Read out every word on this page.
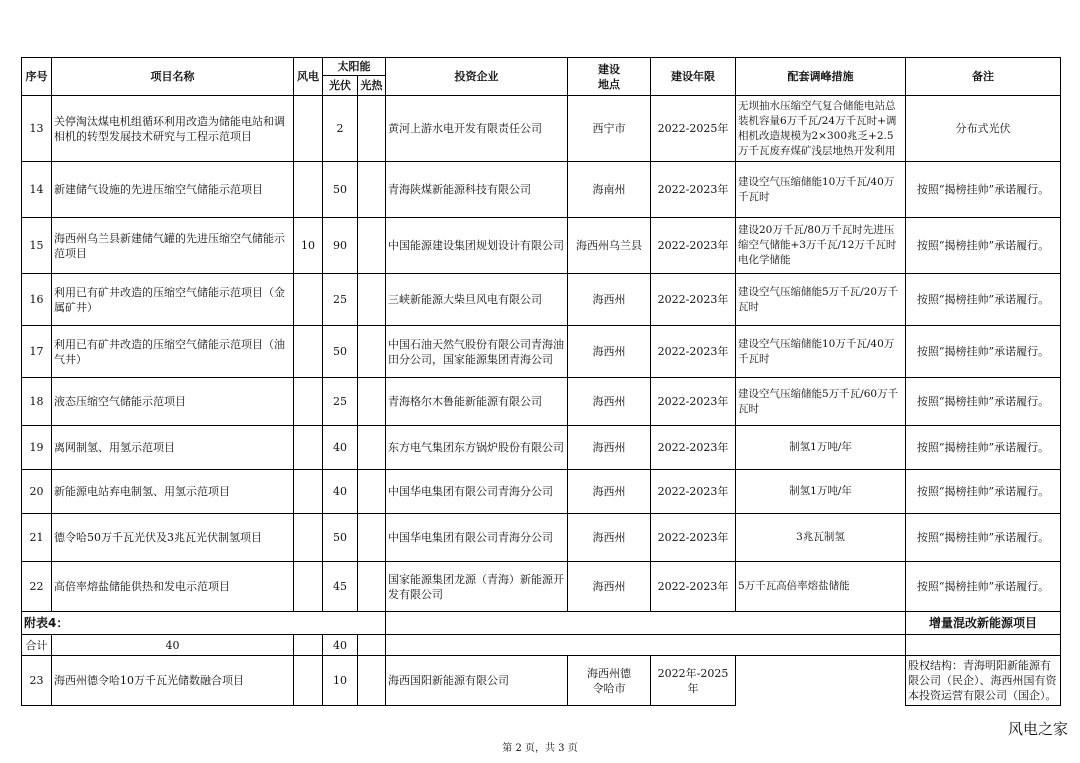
序号	项目名称	风电	太阳能		投资企业	建设地点	建设年限	配套调峰措施	备注
			光伏	光热					
13	关停淘汰煤电机组循环利用改造为储能电站和调相机的转型发展技术研究与工程示范项目		2		黄河上游水电开发有限责任公司	西宁市	2022-2025年	无坝抽水压缩空气复合储能电站总装机容量6万千瓦/24万千瓦时+调相机改造规模为2×300兆乏+2.5万千瓦废弃煤矿浅层地热开发利用	分布式光伏
14	新建储气设施的先进压缩空气储能示范项目		50		青海陕煤新能源科技有限公司	海南州	2022-2023年	建设空气压缩储能10万千瓦/40万千瓦时	按照“揭榜挂帅”承诺履行。
15	海西州乌兰县新建储气罐的先进压缩空气储能示范项目	10	90		中国能源建设集团规划设计有限公司	海西州乌兰县	2022-2023年	建设20万千瓦/80万千瓦时先进压缩空气储能+3万千瓦/12万千瓦时电化学储能	按照“揭榜挂帅”承诺履行。
16	利用已有矿井改造的压缩空气储能示范项目（金属矿井）		25		三峡新能源大柴旦风电有限公司	海西州	2022-2023年	建设空气压缩储能5万千瓦/20万千瓦时	按照“揭榜挂帅”承诺履行。
17	利用已有矿井改造的压缩空气储能示范项目（油气井）		50		中国石油天然气股份有限公司青海油田分公司，国家能源集团青海公司	海西州	2022-2023年	建设空气压缩储能10万千瓦/40万千瓦时	按照“揭榜挂帅”承诺履行。
18	液态压缩空气储能示范项目		25		青海格尔木鲁能新能源有限公司	海西州	2022-2023年	建设空气压缩储能5万千瓦/60万千瓦时	按照“揭榜挂帅”承诺履行。
19	离网制氢、用氢示范项目		40		东方电气集团东方锅炉股份有限公司	海西州	2022-2023年	制氢1万吨/年	按照“揭榜挂帅”承诺履行。
20	新能源电站弃电制氢、用氢示范项目		40		中国华电集团有限公司青海分公司	海西州	2022-2023年	制氢1万吨/年	按照“揭榜挂帅”承诺履行。
21	德令哈50万千瓦光伏及3兆瓦光伏制氢项目		50		中国华电集团有限公司青海分公司	海西州	2022-2023年	3兆瓦制氢	按照“揭榜挂帅”承诺履行。
22	高倍率熔盐储能供热和发电示范项目		45		国家能源集团龙源（青海）新能源开发有限公司	海西州	2022-2023年	5万千瓦高倍率熔盐储能	按照“揭榜挂帅”承诺履行。
附表4：									增量混改新能源项目
合计	40		40						
23	海西州德令哈10万千瓦光储数融合项目		10		海西国阳新能源有限公司	海西州德令哈市	2022年-2025年		股权结构：青海明阳新能源有限公司（民企）、海西州国有资本投资运营有限公司（国企）。
第 2 页，共 3 页
风电之家
